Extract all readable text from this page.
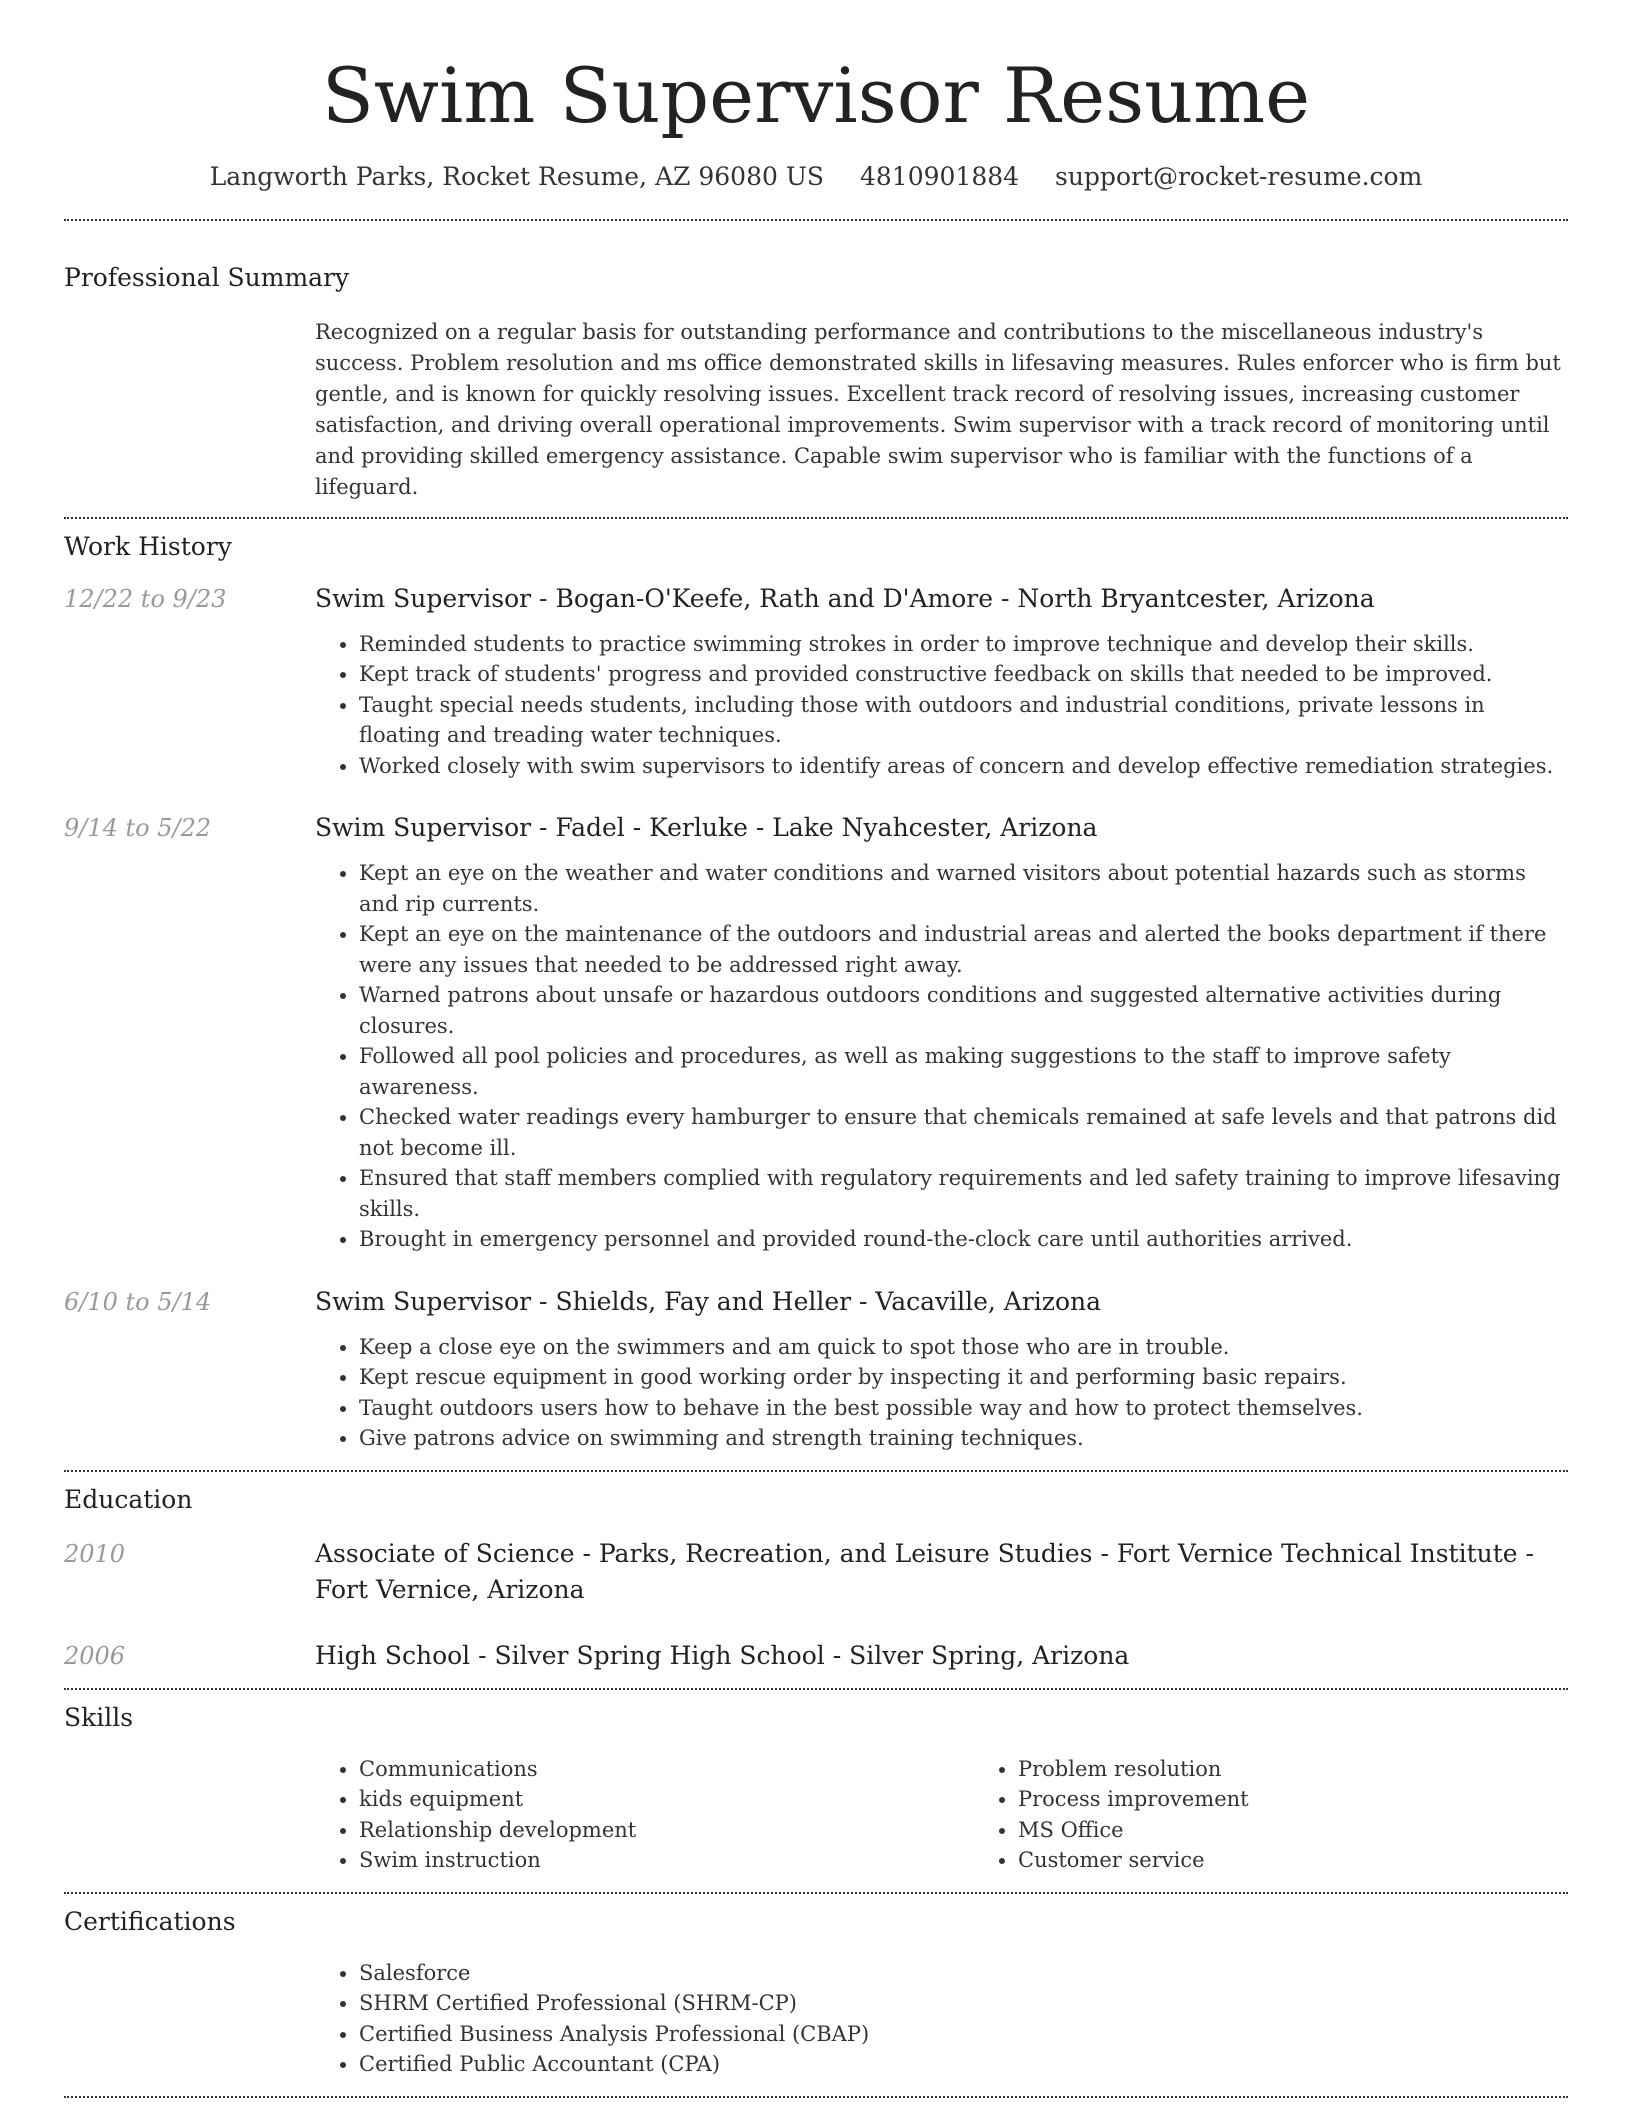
Swim Supervisor Resume
Langworth Parks, Rocket Resume, AZ 96080 US 4810901884 support@rocket-resume.com
Professional Summary

Recognized on a regular basis for outstanding performance and contributions to the miscellaneous industry's success. Problem resolution and ms office demonstrated skills in lifesaving measures. Rules enforcer who is firm but gentle, and is known for quickly resolving issues. Excellent track record of resolving issues, increasing customer satisfaction, and driving overall operational improvements. Swim supervisor with a track record of monitoring until and providing skilled emergency assistance. Capable swim supervisor who is familiar with the functions of a lifeguard.

Work History
12/22 to 9/23	Swim Supervisor - Bogan-O'Keefe, Rath and D'Amore - North Bryantcester, Arizona
• Reminded students to practice swimming strokes in order to improve technique and develop their skills.
• Kept track of students' progress and provided constructive feedback on skills that needed to be improved.
• Taught special needs students, including those with outdoors and industrial conditions, private lessons in floating and treading water techniques.
• Worked closely with swim supervisors to identify areas of concern and develop effective remediation strategies.
9/14 to 5/22	Swim Supervisor - Fadel - Kerluke - Lake Nyahcester, Arizona
• Kept an eye on the weather and water conditions and warned visitors about potential hazards such as storms and rip currents.
• Kept an eye on the maintenance of the outdoors and industrial areas and alerted the books department if there were any issues that needed to be addressed right away.
• Warned patrons about unsafe or hazardous outdoors conditions and suggested alternative activities during closures.
• Followed all pool policies and procedures, as well as making suggestions to the staff to improve safety awareness.
• Checked water readings every hamburger to ensure that chemicals remained at safe levels and that patrons did not become ill.
• Ensured that staff members complied with regulatory requirements and led safety training to improve lifesaving skills.
• Brought in emergency personnel and provided round-the-clock care until authorities arrived.
6/10 to 5/14	Swim Supervisor - Shields, Fay and Heller - Vacaville, Arizona
• Keep a close eye on the swimmers and am quick to spot those who are in trouble.
• Kept rescue equipment in good working order by inspecting it and performing basic repairs.
• Taught outdoors users how to behave in the best possible way and how to protect themselves.
• Give patrons advice on swimming and strength training techniques.
Education
2010	Associate of Science - Parks, Recreation, and Leisure Studies - Fort Vernice Technical Institute - Fort Vernice, Arizona
2006	High School - Silver Spring High School - Silver Spring, Arizona
Skills
• Communications
• kids equipment
• Relationship development
• Swim instruction
• Problem resolution
• Process improvement
• MS Office
• Customer service
Certifications
• Salesforce
• SHRM Certified Professional (SHRM-CP)
• Certified Business Analysis Professional (CBAP)
• Certified Public Accountant (CPA)
